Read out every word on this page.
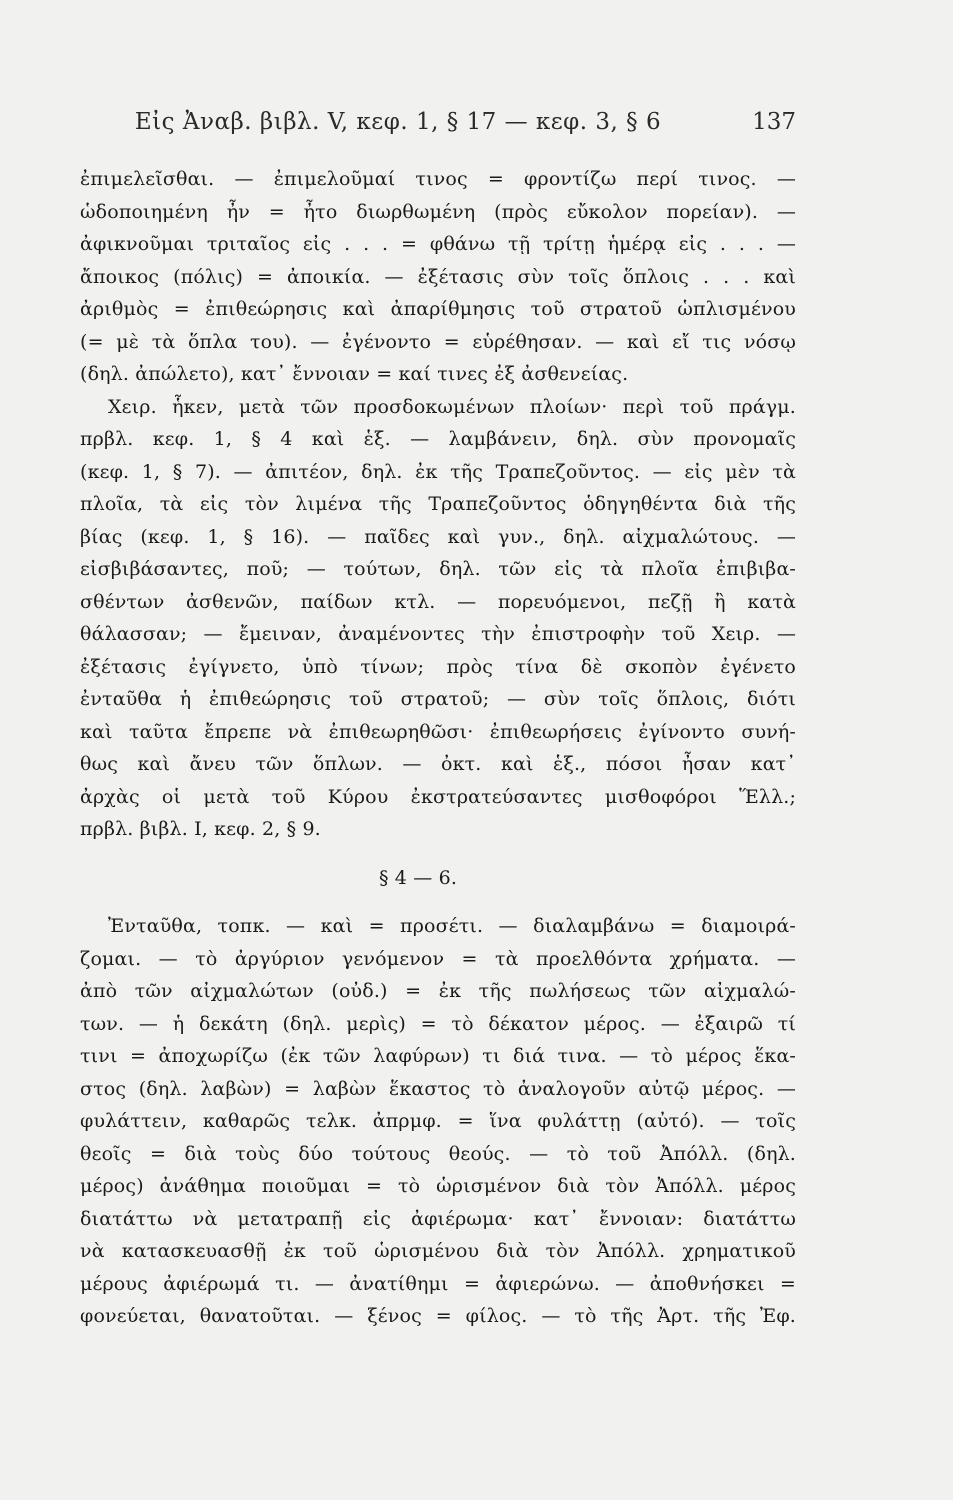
Εἰς Ἀναβ. βιβλ. V, κεφ. 1, § 17 — κεφ. 3, § 6	137
ἐπιμελεῖσθαι. — ἐπιμελοῦμαί τινος = φροντίζω περί τινος. —
ὡδοποιημένη ἦν = ἦτο διωρθωμένη (πρὸς εὔκολον πορείαν). —
ἀφικνοῦμαι τριταῖος εἰς . . . = φθάνω τῇ τρίτῃ ἡμέρᾳ εἰς . . . —
ἄποικος (πόλις) = ἀποικία. — ἐξέτασις σὺν τοῖς ὅπλοις . . . καὶ
ἀριθμὸς = ἐπιθεώρησις καὶ ἀπαρίθμησις τοῦ στρατοῦ ὡπλισμένου
(= μὲ τὰ ὅπλα του). — ἐγένοντο = εὑρέθησαν. — καὶ εἴ τις νόσῳ
(δηλ. ἀπώλετο), κατ᾽ ἔννοιαν = καί τινες ἐξ ἀσθενείας.
Χειρ. ἧκεν, μετὰ τῶν προσδοκωμένων πλοίων· περὶ τοῦ πράγμ.
πρβλ. κεφ. 1, § 4 καὶ ἑξ. — λαμβάνειν, δηλ. σὺν προνομαῖς
(κεφ. 1, § 7). — ἀπιτέον, δηλ. ἐκ τῆς Τραπεζοῦντος. — εἰς μὲν τὰ
πλοῖα, τὰ εἰς τὸν λιμένα τῆς Τραπεζοῦντος ὁδηγηθέντα διὰ τῆς
βίας (κεφ. 1, § 16). — παῖδες καὶ γυν., δηλ. αἰχμαλώτους. —
εἰσβιβάσαντες, ποῦ; — τούτων, δηλ. τῶν εἰς τὰ πλοῖα ἐπιβιβα-
σθέντων ἀσθενῶν, παίδων κτλ. — πορευόμενοι, πεζῇ ἢ κατὰ
θάλασσαν; — ἔμειναν, ἀναμένοντες τὴν ἐπιστροφὴν τοῦ Χειρ. —
ἐξέτασις ἐγίγνετο, ὑπὸ τίνων; πρὸς τίνα δὲ σκοπὸν ἐγένετο
ἐνταῦθα ἡ ἐπιθεώρησις τοῦ στρατοῦ; — σὺν τοῖς ὅπλοις, διότι
καὶ ταῦτα ἔπρεπε νὰ ἐπιθεωρηθῶσι· ἐπιθεωρήσεις ἐγίνοντο συνή-
θως καὶ ἄνευ τῶν ὅπλων. — ὀκτ. καὶ ἑξ., πόσοι ἦσαν κατ᾽
ἀρχὰς οἱ μετὰ τοῦ Κύρου ἐκστρατεύσαντες μισθοφόροι Ἕλλ.;
πρβλ. βιβλ. I, κεφ. 2, § 9.
§ 4 — 6.
Ἐνταῦθα, τοπκ. — καὶ = προσέτι. — διαλαμβάνω = διαμοιρά-
ζομαι. — τὸ ἀργύριον γενόμενον = τὰ προελθόντα χρήματα. —
ἀπὸ τῶν αἰχμαλώτων (οὐδ.) = ἐκ τῆς πωλήσεως τῶν αἰχμαλώ-
των. — ἡ δεκάτη (δηλ. μερὶς) = τὸ δέκατον μέρος. — ἐξαιρῶ τί
τινι = ἀποχωρίζω (ἐκ τῶν λαφύρων) τι διά τινα. — τὸ μέρος ἕκα-
στος (δηλ. λαβὼν) = λαβὼν ἕκαστος τὸ ἀναλογοῦν αὐτῷ μέρος. —
φυλάττειν, καθαρῶς τελκ. ἀπρμφ. = ἵνα φυλάττῃ (αὐτό). — τοῖς
θεοῖς = διὰ τοὺς δύο τούτους θεούς. — τὸ τοῦ Ἀπόλλ. (δηλ.
μέρος) ἀνάθημα ποιοῦμαι = τὸ ὡρισμένον διὰ τὸν Ἀπόλλ. μέρος
διατάττω νὰ μετατραπῇ εἰς ἀφιέρωμα· κατ᾽ ἔννοιαν: διατάττω
νὰ κατασκευασθῇ ἐκ τοῦ ὡρισμένου διὰ τὸν Ἀπόλλ. χρηματικοῦ
μέρους ἀφιέρωμά τι. — ἀνατίθημι = ἀφιερώνω. — ἀποθνήσκει =
φονεύεται, θανατοῦται. — ξένος = φίλος. — τὸ τῆς Ἀρτ. τῆς Ἐφ.
